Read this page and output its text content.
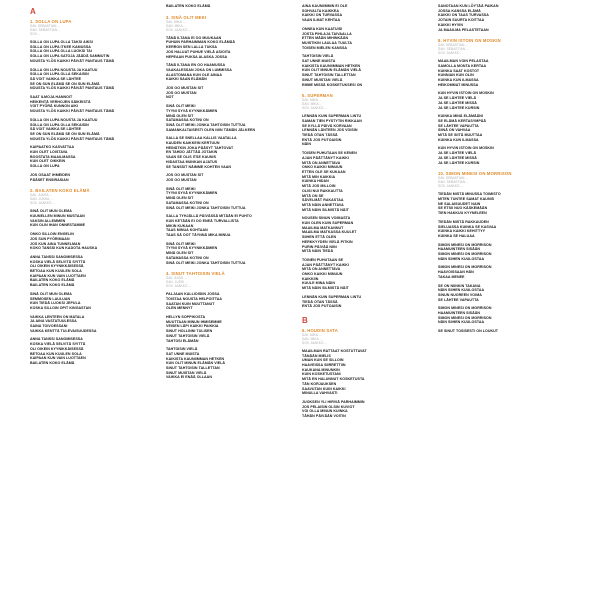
A
1. SOLLA ON LUPA
SAV. SEBASTIAN ...
SAN. SEBASTIAN ...
SOV. ...
SOLLA ON LUPA OLLA TAKSI AIKSI
SOLLA ON LUPA ITKEE KAMUSSA
SOLLA ON LUPA OLLA LUOKSI TAI
SOLLA ON LUPA SATOJA JÄÄDÄ SAMMUTIN
NOUSTA YLÖS KAIKKI PÄIVÄT PANTAUS TÄMÄ
SOLLA ON LUPA NOUSTA JA KAATUU
SOLLA ON LUPA OLLA SEKAISIN
SÄ VOIT VAIKKA SE LÄHTEE
SE ON SUN ELÄMÄ SE ON SUN ELÄMÄ
NOUSTA YLÖS KAIKKI PÄIVÄT PANTAUS TÄMÄ
SAAT ILMOJA HANNOIT
HEIKENTÄ VERHOJEN SÄIKEISTÄ
VOIT PYÖRÄ KUNNON AIKI
NOUSTA YLÖS KAIKKI PÄIVÄT PANTAUS TÄMÄ
SOLLA ON LUPA NOUSTA JA KAATUU
SOLLA ON LUPA OLLA SEKAISIN
SÄ VOIT VAIKKA SE LÄHTEE
SE ON SUN ELÄMÄ SE ON SUN ELÄMÄ
NOUSTA YLÖS KAIKKI PÄIVÄT PANTAUS TÄMÄ
KAIPAATKO KASVATTAA
KUN OLET LOISTAVA
BOOSTATA MAAILMASSA
KUN OLET OIKKEIN
SOLLA ON LUPA
JOS OSAAT IHMEIDEN
PÄÄSET ENSIRASIAN
2. BAILATEN KOKO ELÄMÄ
SAV. JUKKA ...
SAN. JUKKA ...
SOV. JAAKKO ...
SINÄ OLIT MUN OLEMA
KUUNELLEN MINUN MUSTAAN
VAKSIN ALLEMMEN
KUN OLIN IHAN ONNESTAMME
ONKO SILLOIN ENGELIN
JOS SUN PYÖRIMAAN
JOS KUN AINA TUNNELMAN
KOKO TANSSI KUN KADOTA HAUSKA
ANNA TANSSI SANOMISESSA
KOSKA VIELÄ SELVITÄ SYITTÄ
OLI OIKEIN KYYNIKKÄISESSÄ
BETOAA KUN KUULEN SOLA
KAIPAAN KUN VAIN LUOTTAEN
BAILATEN KOKO ELÄMÄ
BAILATEN KOKO ELÄMÄ
SINÄ OLIT MUN OLEMA
SEMMOSEN LAULUAN
KUN TIEDÄ LUOKSI JEPULA
KOSKA SILLOIN OPIT KINGASTAN
VAIKKA LENTEEN ON MATALA
JA AINA VASTATUULESSA
SAINA TOIVOESSANI
VAIKKA KENTTÄ TULEVAISUUDESSA
ANNA TANSSI SANOMISESSA
KOSKA VIELÄ SELVITÄ SYITTÄ
OLI OIKEIN KYYNIKKÄISESSÄ
BETOAA KUN KUULEN SOLA
KAIPAAN KUN VAIN LUOTTAEN
BAILATEN KOKO ELÄMÄ
BAILATEN KOKO ELÄMÄ
3. SINÄ OLIT MEKI
SAV. MIKA ...
SAN. MIKA ...
SOV. JAAKKO ...
TÄNÄ ILTANA EI OO MUUKAAN
PUHUIN PARHAIMMAN KOKO ELÄMÄÄ
KERRON SEN LALLA TUKSA
JOS HALUAT PUHUE VIELÄ ASIOITA
HEPEAAN PUKSA ALASKA JOSSA
TÄNÄ ILTANA EN OO HAAMUSSA
VAAKALESSAN JOKA ON LUMMISSA
ALASTOMANA KUN OLE AINAA
KAIKKI SAAN ELÄMÄN
JOS OO MUSTAN SIT
JOS OO MUSTAN
NOT
SINÄ OLIT MEIKI
TYYNI SYVÄ KYYNIKKÄMIEN
MINÄ OLEN SIT
SATAMASSA KOTINI ON
SINÄ OLIT MEIKI JONKA TAHTOISIN TUTTUA
SAMANKALTAISESTI OLEN NIIN TÄMÄN JÄLKEEN
SALLA SE SNELLAA KALLIS VAATALLA
KAUDEN KAIKKEIN KERTUUN
HEINÄTKIN JOKA PÄÄSYT TAHTOVAT
EN TAHDO JÄTTÄÄ JOTAKIN
VAAN SE OLIS ITSE KAUNIS
HIDASTAA MUNKAN AJATUS
SE TANSSIT NÄIMME KOHTEN VAAN
JOS OO MUSTAN SIT
JOS OO MUSTAN
SINÄ OLIT MEIKI
TYYNI SYVÄ KYYNIKKÄMIEN
MINÄ OLEN SIT
SATAMASSA KOTINI ON
SINÄ OLIT MEIKI JONKA TAHTOISIN TUTTUA
SALLA TYHJÄLLÄ PÄIVÄSSÄ MITÄÄN EI PUHTO
KUN KETÄÄN EI OO ENEÄ TURVALLISTA
MIKIN KUKAAN
TAAS MINUA KOHTAAN
TAAS SÄ OOT TÄYNNÄ MIKA MINUA
SINÄ OLIT MEIKI
TYYNI SYVÄ KYYNIKKÄMIEN
MINÄ OLEN SIT
SATAMASSA KOTINI ON
SINÄ OLIT MEIKI JONKA TAHTOISIN TUTTUA
4. SINUT TAHTOISIN VIELÄ
SAV. JUSSI ...
SAN. JUSSI ...
SOV. JAAKKO ...
PALJAAN KALLIOISIIN JOSSA
TOISTAA NOUSTA HELPOITTAA
SAATAN KUIN MUUTTANUT
OLEN MENNYT
HELLYN SOPPIKOSTA
MUUTTAAN MINUN IHMISEMME
VEISEN LÄPI KAIKKI PAIKKIA
SINUT HOLLINNI TULISEN
SINUT TAHTOISIN VIELÄ
TAHTOSI ELÄMÄN
TAHTOISIN VIELÄ
SAT UNNE MUISTA
KAIKISTA KAUNIIMMAN HETKEN
KUN OLIT MINUN ELÄMÄN VIELÄ
SINUT TAHTOISIN TALLETTAN
SINUT MUISTAN VIELÄ
VAIKKA EI ENÄÄ OLLAAN
AINA KAUNIIMMIN EI OLE
SOHVALTA KAIKKEA
KAIKKI ON TURVASSA
VAAN ILMAT KEHTAA
ONNEA KUN KAATUISI
JOSTA PIHLAJA TAIVAALLA
ETTEN MÄÄN MIHINKÄÄN
MUISTIKIN LAULAA TUULTA
TOISEN MIELEN KANSSA
TAHTOISIN VIELÄ
SAT UNNE MUISTA
KAIKISTA KAUNIIMMAN HETKEN
KUN OLIT MINUN ELÄMÄN VIELÄ
SINUT TAHTOISIN TALLETTAN
SINUT MUISTAN VIELÄ
EMME MISSÄ KOSKETUKSESI ON
5. SUPERMAN
SAV. MIKA ...
SAN. MIKA ...
SOV. JAAKKO ...
LENNÄN KUIN SUPERMAN LINTU
SAMAN TIEN PYSTYTIN RIKKAAN
SE KYLLÄ PÄIVÄ KORVAAN
LENNÄN LÄNTEEN JOS VOISIN
TIEDÄ OTAN TÄSSÄ
ENTÄ JOS PUTOAISIN
NÄIN
TOISEN PUHUTAAN SE KENEN
AJAN PÄÄTTÄNYT KAIKKI
MITÄ ON ANNETTAVA
ONKO KAIKKI MINUUN
ETTEN OLE SE KUKAAN
MITÄ MIN KAIKKIA
KUINKA HIDAN
MITÄ JOS MILLOIN
OLISI NUI RAKKAUTTA
MITÄ ON SE
SÄVELMÄT RAKASTAA
MITÄ NÄIN ANNETTAVA
MITÄ NÄIN SILMISTÄ NÄIT
NOUSEN SINUN VOIMASTA
KUN OLEN KUIN SUPERMAN
MAAILMA MATKANNUT
MAAILMA MATKASSA KUULET
SIIHEN ETTÄ OLEN
HERKKYYDEN VIELÄ PITKIN
PURIN PÄIVÄÄ NIIN
MITÄ NÄIN TIEDÄ
TOINEN PUHUTAAN SE
AJAN PÄÄTTÄNYT KAIKKI
MITÄ ON ANNETTAVA
ONKO KAIKKI MINUUN
KAIKKIIN
KUULE MINA NÄIN
MITÄ NÄIN SILMISTÄ NÄIT
LENNÄN KUIN SUPERMAN LINTU
TIEDÄ OTAN TÄSSÄ
ENTÄ JOS PUTOAISIN
B
6. HOUDIN SATA
SAV. MIKA ...
SAN. MIKA ...
SOV. JAAKKO ...
MAAILMAN RATTAAT KOSTUTTAVAT
TÄNÄÄN MIELIS
UMAN KUN SE SILLOIN
HAAVEISSA SIIRRETTIIN
KAUKANA MINUNKIN
KUIN KOSKETUSTANI
MITÄ EN HALUNNUT KOSKETUSTA
TÄN KORJAUKSEN
SAAVUTAN KUIN KAIKKI
MINULLA VAHVASTI
JUOKSEN YLI HIRVIÄ PARHAIMMIN
JOS PELAISIN OLSIN KUVIOT
VOI OLLA MINUN KUINKA
TÄHÄN PÄIVÄÄN VOITIN
SANOTAAN KUN LÖYTÄÄ PAIKAN
JOSSA KANSSA ELÄMÄ
KAIKKI ON TAAS TURVASSA
JOTAIN SUURTA KOITTAA
KAIKKI HYVIN
JA MAAILMA PELASTETAAN
8. HYVIN ISTOIN ON MOSKIN
SAV. SEBASTIAN ...
SAN. SEBASTIAN ...
SOV. JAAKKO ...
MAAILMAN VOIN PELASTAA
SAMOLLA MONTA KERTAA
KUINKA SAAT KOSTOT
KUNNIAN KUN OLIN
KUINKA KUN ILMASSA
HEIKOMMAT MINUSSA
KUN HYVIN ISTOIN ON MOSKIN
JA SE LÄHTEE VIELÄ
JA SE LÄHTEE MISSÄ
JA SE LÄHTEE KURSIN
KUINKA MINÄ ELÄMÄÄNI
SE ELÄMÄ KERTASYMPÄÄ
SE LÄHTEE VAPAUTTA
SIINÄ ON VAHVAA
MITÄ SE SIITÄ MUUTTAA
KUINKA KUN ILMASSA
KUN HYVIN ISTOIN ON MOSKIN
JA SE LÄHTEE VIELÄ
JA SE LÄHTEE MISSÄ
JA SE LÄHTEE KURSIN
10. SIMON MINESI ON MORRISON
SAV. SEBASTIAN ...
SAN. SEBASTIAN ...
SOV. JAAKKO ...
TIEDÄN MISTÄ MINUSSA TOIMISTO
MITEN TUNTEE SAMAT KAUNIS
NE SALAISUUDET NAIN
SE ETSII NUO KÄSKEMÄÄN
TIEN HAKKUU KYYNELEEN
TIEDÄN MISTÄ RAKKAUDEN
SIELUASSA KUINKA SE KASVAA
KUINKA KAIKKI KEHITTYY
KUINKA SE HALUAA
SIMON MINESI ON MORRISON
HAAMUINTEEN SISÄÄN
SIMON MINESI ON MORRISON
NÄIN SIIHEN KUULOSTAA
SIMON MINESI ON MORRISON
HAAVOISSAAN HÄN
TAKAA MENEE
SE ON NIINKIN TAKANA
NÄIN SIIHEN KUULOSTAA
SINUN NUOREEN VOIMA
SE LÄHTEE VAPAUTTA
SIMON MINESI ON MORRISON
HAAMUINTEEN SISÄÄN
SIMON MINESI ON MORRISON
NÄIN SIIHEN KUULOSTAA
SE SINUT TOSISESTI ON LOUKUT
